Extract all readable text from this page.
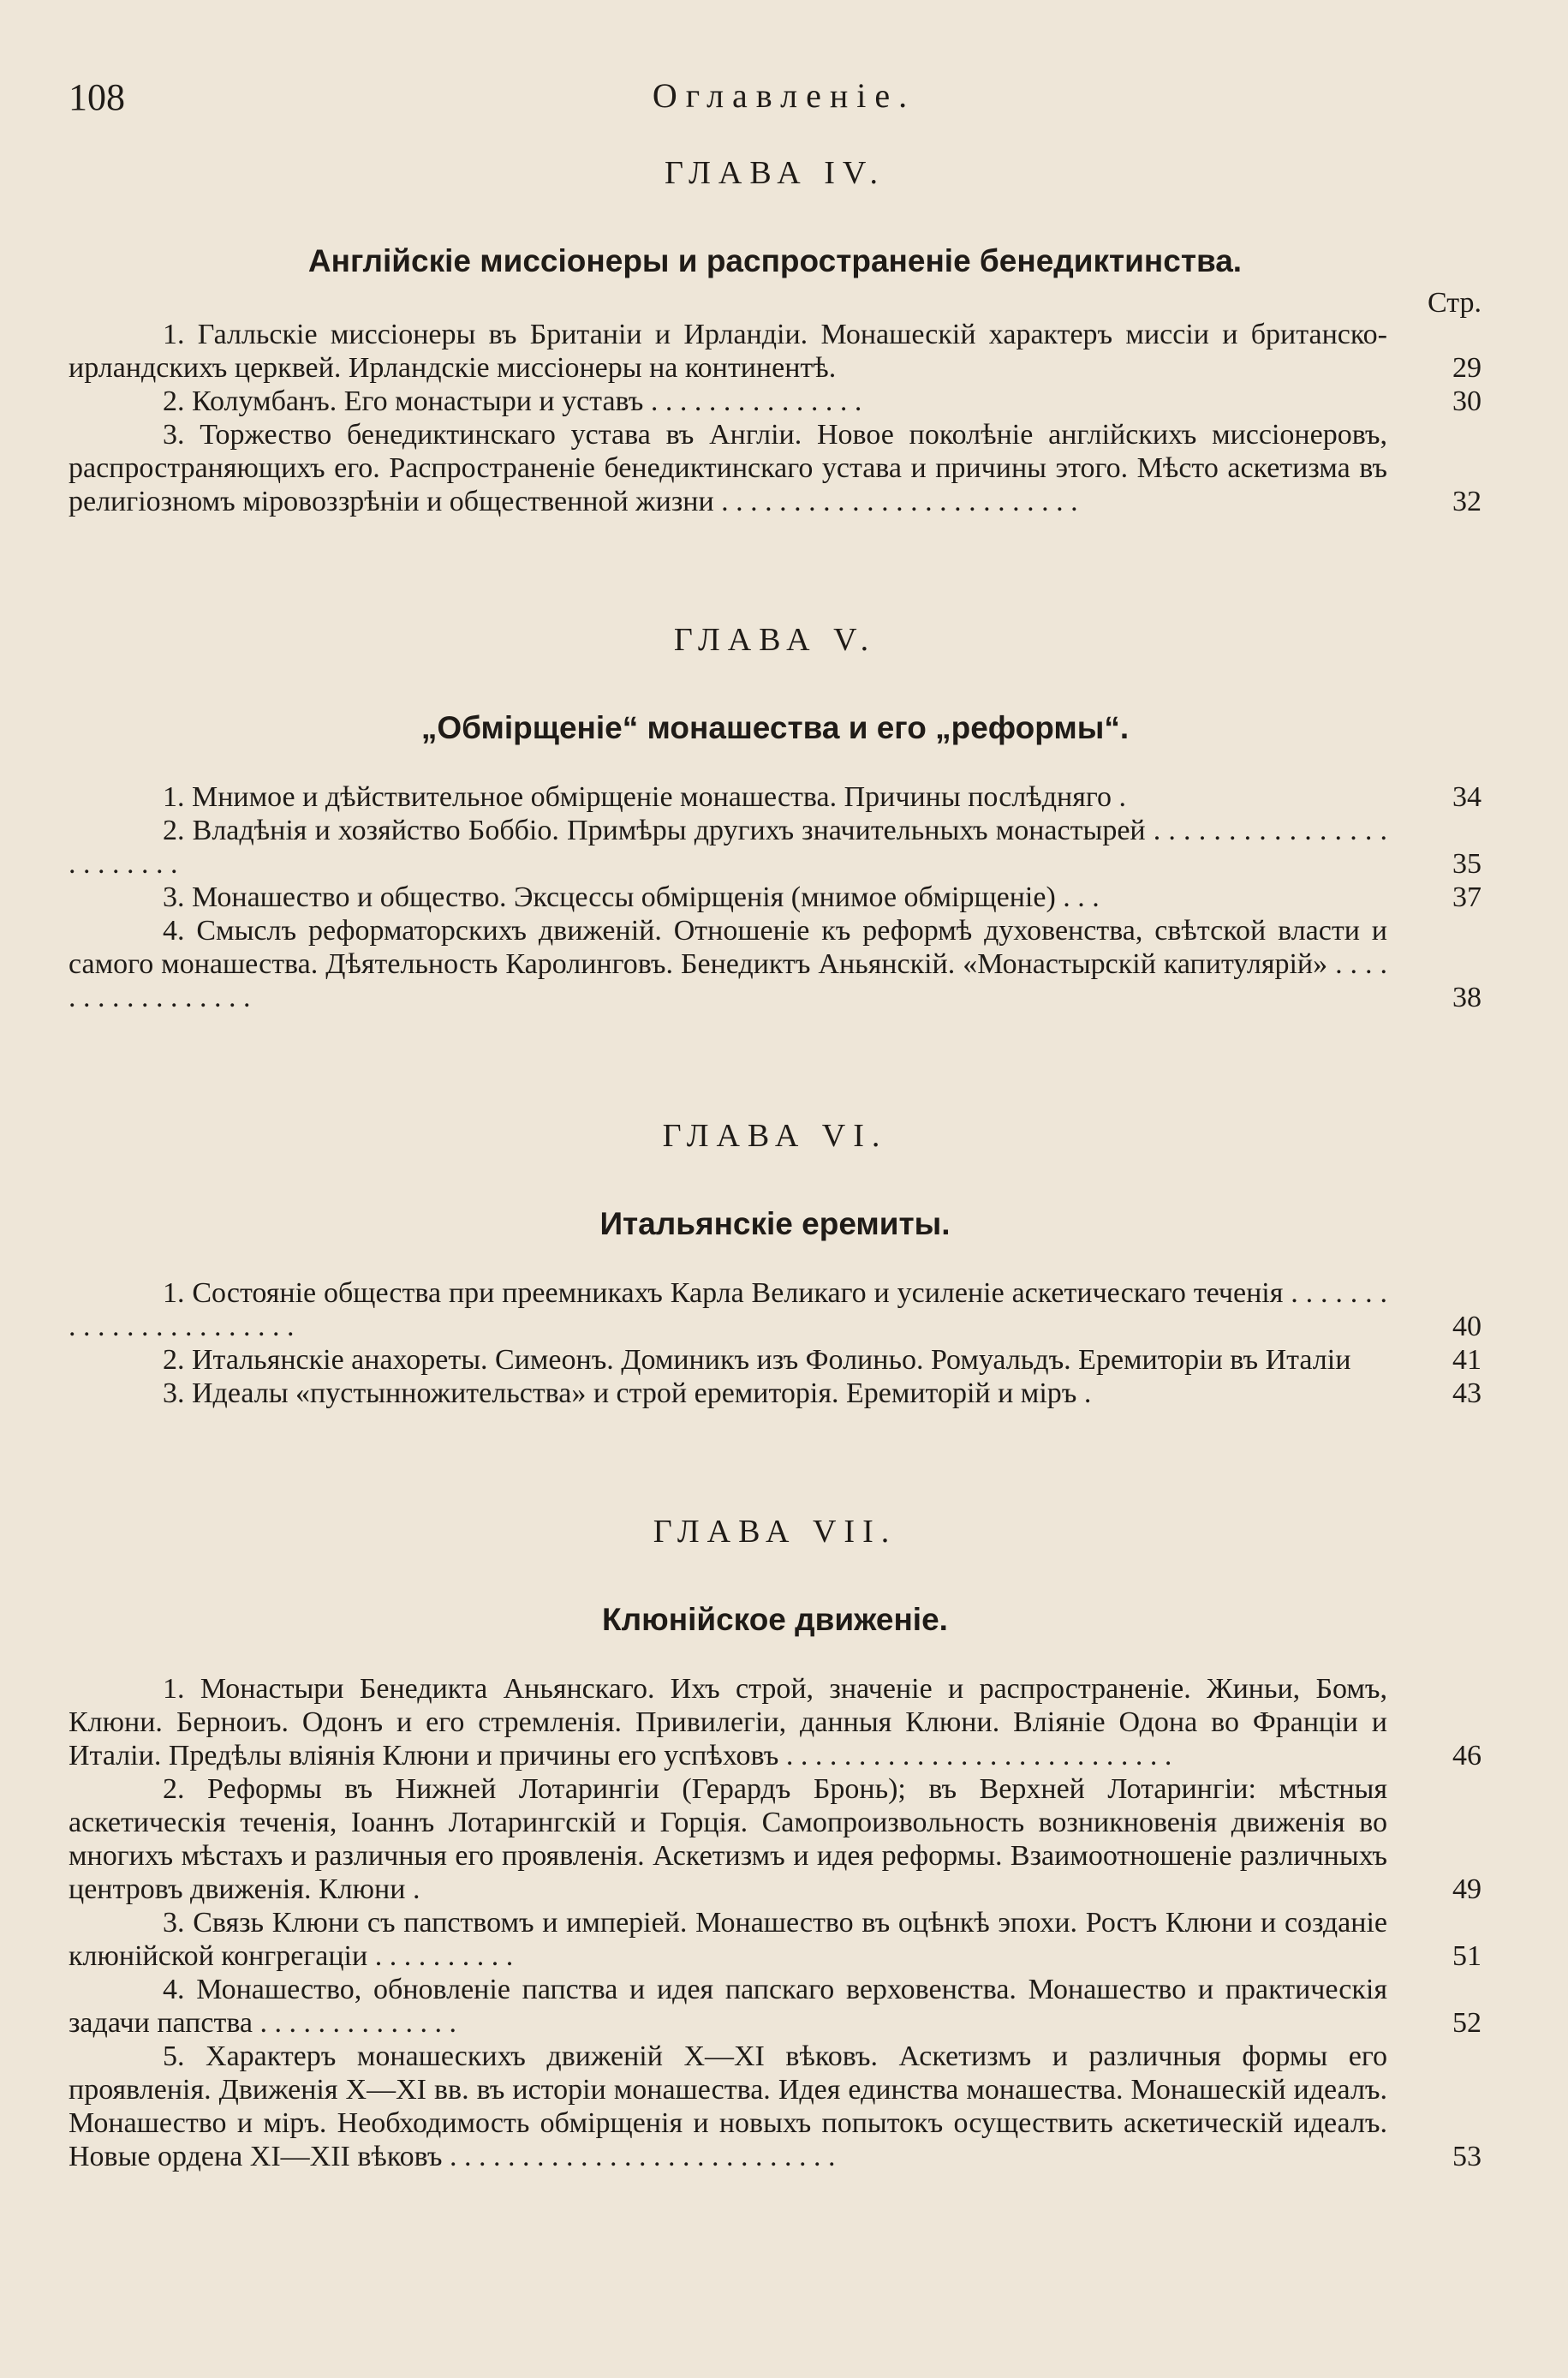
108	Оглавленіе.
ГЛАВА IV.
Англійскіе миссіонеры и распространеніе бенедиктинства.
Стр.
1. Галльскіе миссіонеры въ Британіи и Ирландіи. Монашескій характеръ миссіи и британско-ирландскихъ церквей. Ирландскіе миссіонеры на континентѣ.	29
2. Колумбанъ. Его монастыри и уставъ . . . . . . . . . . . . . . .	30
3. Торжество бенедиктинскаго устава въ Англіи. Новое поколѣніе англійскихъ миссіонеровъ, распространяющихъ его. Распространеніе бенедиктинскаго устава и причины этого. Мѣсто аскетизма въ религіозномъ міровоззрѣніи и общественной жизни . . . . . . . . . . . . . . . . . . . . . . . . .	32
ГЛАВА V.
„Обмірщеніе“ монашества и его „реформы“.
1. Мнимое и дѣйствительное обмірщеніе монашества. Причины послѣдняго .	34
2. Владѣнія и хозяйство Боббіо. Примѣры другихъ значительныхъ монастырей . . . . . . . . . . . . . . . . . . . . . . . .	35
3. Монашество и общество. Эксцессы обмірщенія (мнимое обмірщеніе) . . .	37
4. Смыслъ реформаторскихъ движеній. Отношеніе къ реформѣ духовенства, свѣтской власти и самого монашества. Дѣятельность Каролинговъ. Бенедиктъ Аньянскій. «Монастырскій капитулярій» . . . . . . . . . . . . . . . . .	38
ГЛАВА VI.
Итальянскіе еремиты.
1. Состояніе общества при преемникахъ Карла Великаго и усиленіе аскетическаго теченія . . . . . . . . . . . . . . . . . . . . . . .	40
2. Итальянскіе анахореты. Симеонъ. Доминикъ изъ Фолиньо. Ромуальдъ. Еремиторіи въ Италіи	41
3. Идеалы «пустынножительства» и строй еремиторія. Еремиторій и міръ .	43
ГЛАВА VII.
Клюнійское движеніе.
1. Монастыри Бенедикта Аньянскаго. Ихъ строй, значеніе и распространеніе. Жиньи, Бомъ, Клюни. Берноиъ. Одонъ и его стремленія. Привилегіи, данныя Клюни. Вліяніе Одона во Франціи и Италіи. Предѣлы вліянія Клюни и причины его успѣховъ . . . . . . . . . . . . . . . . . . . . . . . . . . .	46
2. Реформы въ Нижней Лотарингіи (Герардъ Бронь); въ Верхней Лотарингіи: мѣстныя аскетическія теченія, Іоаннъ Лотарингскій и Горція. Самопроизвольность возникновенія движенія во многихъ мѣстахъ и различныя его проявленія. Аскетизмъ и идея реформы. Взаимоотношеніе различныхъ центровъ движенія. Клюни .	49
3. Связь Клюни съ папствомъ и имперіей. Монашество въ оцѣнкѣ эпохи. Ростъ Клюни и созданіе клюнійской конгрегаціи . . . . . . . . . .	51
4. Монашество, обновленіе папства и идея папскаго верховенства. Монашество и практическія задачи папства . . . . . . . . . . . . . .	52
5. Характеръ монашескихъ движеній X—XI вѣковъ. Аскетизмъ и различныя формы его проявленія. Движенія X—XI вв. въ исторіи монашества. Идея единства монашества. Монашескій идеалъ. Монашество и міръ. Необходимость обмірщенія и новыхъ попытокъ осуществить аскетическій идеалъ. Новые ордена XI—XII вѣковъ . . . . . . . . . . . . . . . . . . . . . . . . . . .	53
